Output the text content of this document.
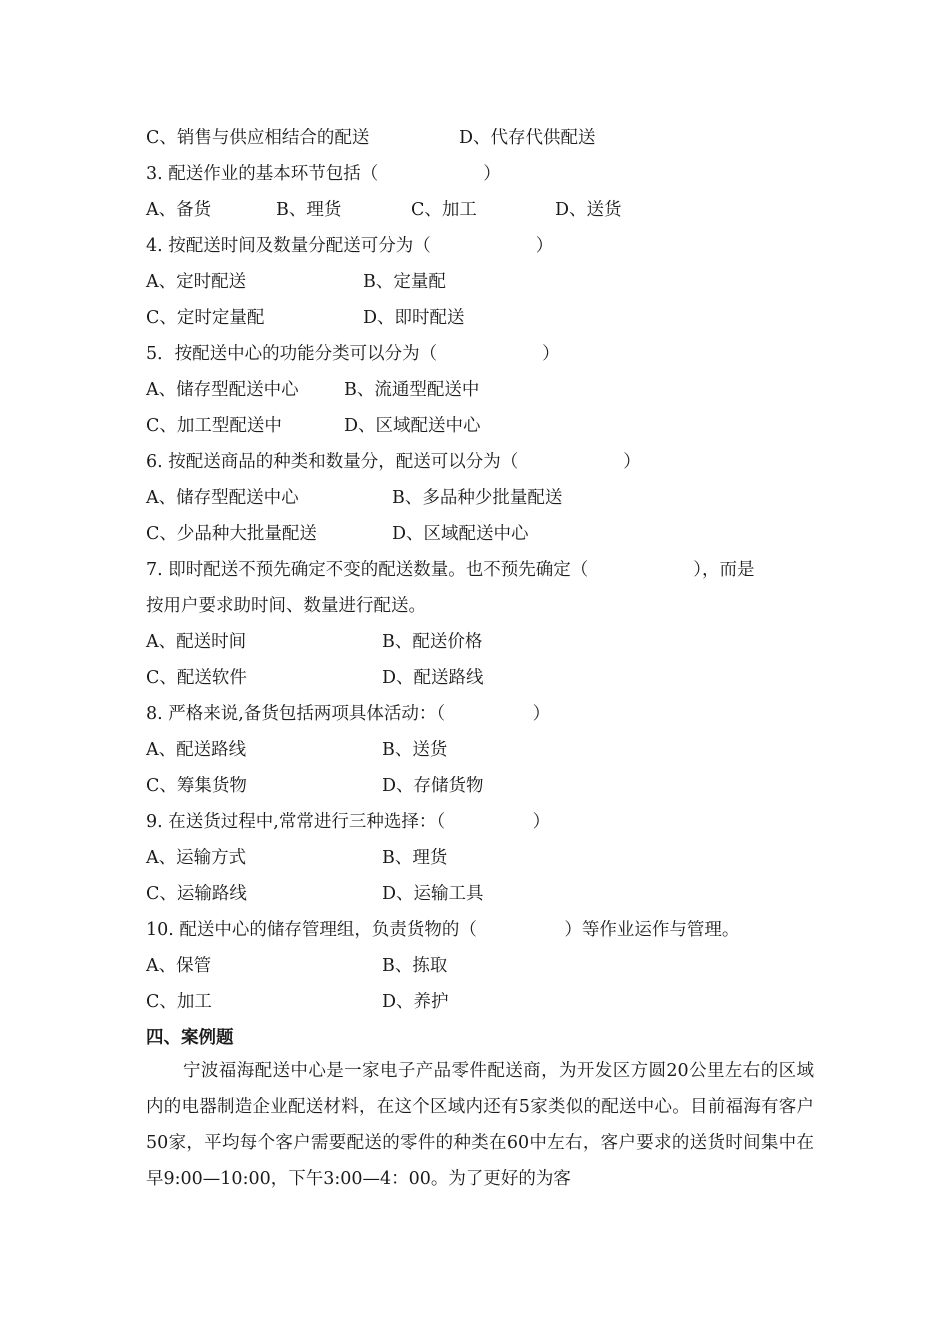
C、销售与供应相结合的配送	D、代存代供配送
3. 配送作业的基本环节包括（　　　　　　）
A、备货	B、理货	C、加工	D、送货
4. 按配送时间及数量分配送可分为（　　　　　　）
A、定时配送	B、定量配
C、定时定量配	D、即时配送
5．按配送中心的功能分类可以分为（　　　　　　）
A、储存型配送中心	B、流通型配送中
C、加工型配送中	D、区域配送中心
6. 按配送商品的种类和数量分，配送可以分为（　　　　　　）
A、储存型配送中心	B、多品种少批量配送
C、少品种大批量配送	D、区域配送中心
7. 即时配送不预先确定不变的配送数量。也不预先确定（　　　　　　），而是
按用户要求助时间、数量进行配送。
A、配送时间	B、配送价格
C、配送软件	D、配送路线
8. 严格来说,备货包括两项具体活动：（　　　　　）
A、配送路线	B、送货
C、筹集货物	D、存储货物
9. 在送货过程中,常常进行三种选择：（　　　　　）
A、运输方式	B、理货
C、运输路线	D、运输工具
10. 配送中心的储存管理组，负责货物的（　　　　　）等作业运作与管理。
A、保管	B、拣取
C、加工	D、养护
四、案例题
宁波福海配送中心是一家电子产品零件配送商，为开发区方圆20公里左右的区域内的电器制造企业配送材料，在这个区域内还有5家类似的配送中心。目前福海有客户50家，平均每个客户需要配送的零件的种类在60中左右，客户要求的送货时间集中在早9:00—10:00，下午3:00—4：00。为了更好的为客
